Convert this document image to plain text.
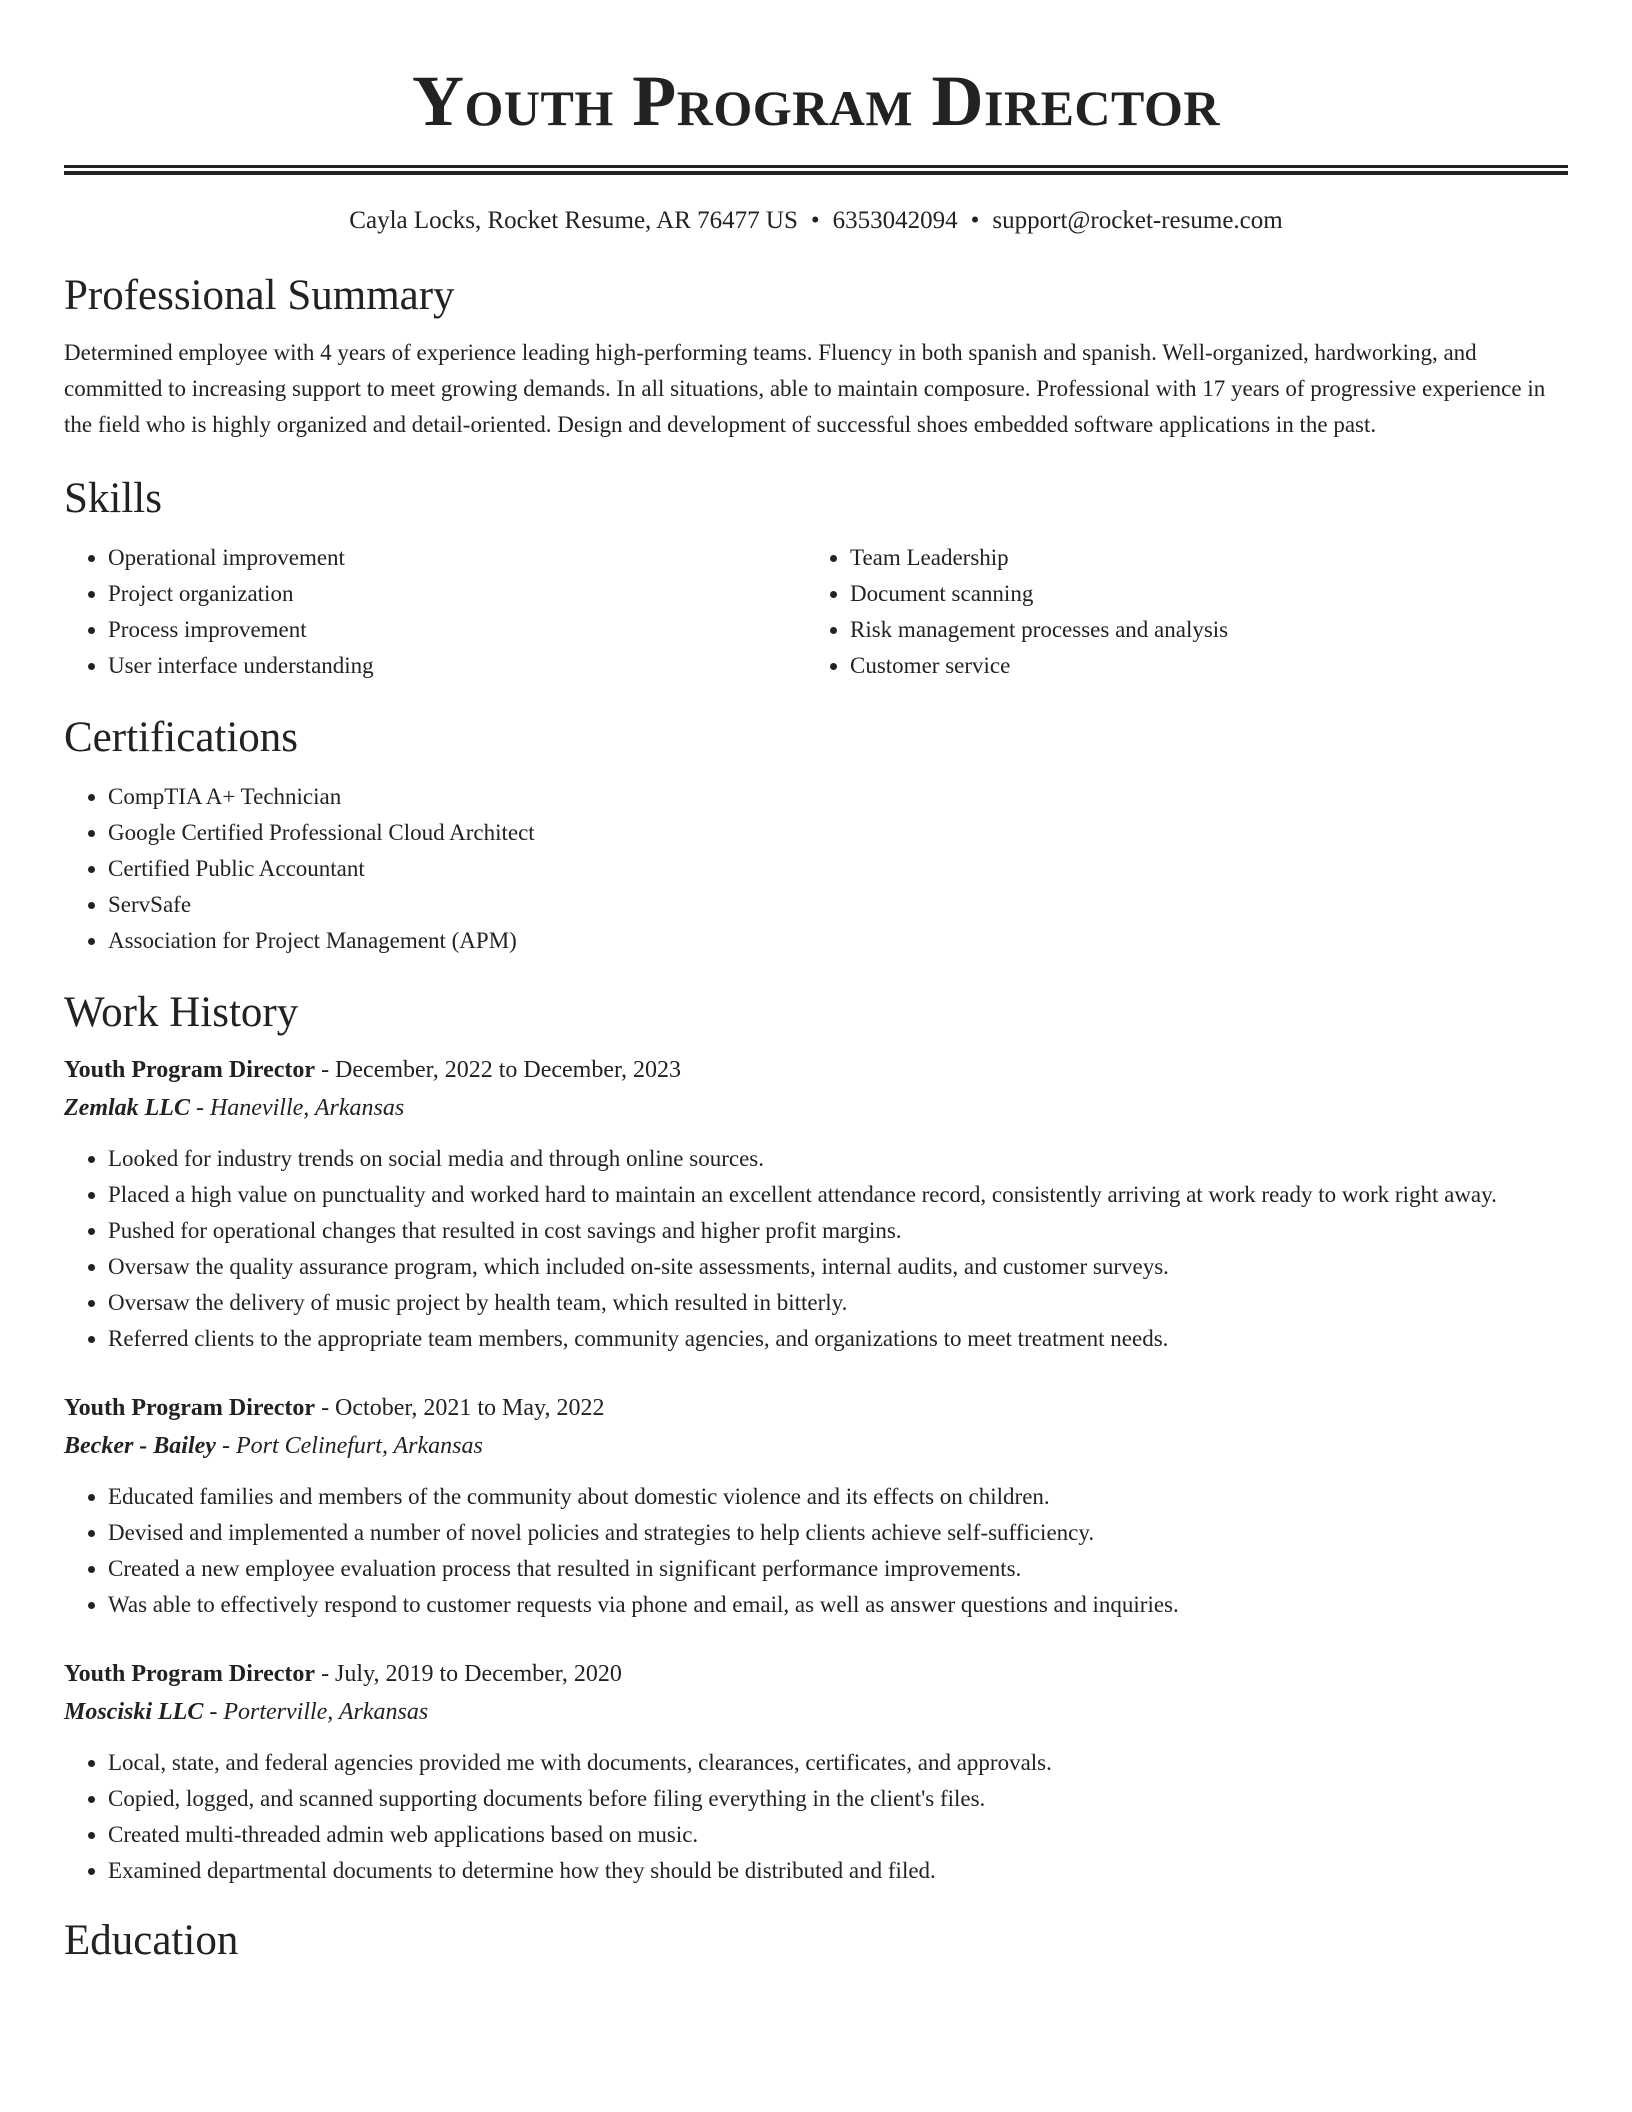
Youth Program Director
Cayla Locks, Rocket Resume, AR 76477 US • 6353042094 • support@rocket-resume.com
Professional Summary

Determined employee with 4 years of experience leading high-performing teams. Fluency in both spanish and spanish. Well-organized, hardworking, and committed to increasing support to meet growing demands. In all situations, able to maintain composure. Professional with 17 years of progressive experience in the field who is highly organized and detail-oriented. Design and development of successful shoes embedded software applications in the past.

Skills
• Operational improvement
• Project organization
• Process improvement
• User interface understanding
• Team Leadership
• Document scanning
• Risk management processes and analysis
• Customer service
Certifications
• CompTIA A+ Technician
• Google Certified Professional Cloud Architect
• Certified Public Accountant
• ServSafe
• Association for Project Management (APM)
Work History
Youth Program Director - December, 2022 to December, 2023
Zemlak LLC - Haneville, Arkansas
• Looked for industry trends on social media and through online sources.
• Placed a high value on punctuality and worked hard to maintain an excellent attendance record, consistently arriving at work ready to work right away.
• Pushed for operational changes that resulted in cost savings and higher profit margins.
• Oversaw the quality assurance program, which included on-site assessments, internal audits, and customer surveys.
• Oversaw the delivery of music project by health team, which resulted in bitterly.
• Referred clients to the appropriate team members, community agencies, and organizations to meet treatment needs.
Youth Program Director - October, 2021 to May, 2022
Becker - Bailey - Port Celinefurt, Arkansas
• Educated families and members of the community about domestic violence and its effects on children.
• Devised and implemented a number of novel policies and strategies to help clients achieve self-sufficiency.
• Created a new employee evaluation process that resulted in significant performance improvements.
• Was able to effectively respond to customer requests via phone and email, as well as answer questions and inquiries.
Youth Program Director - July, 2019 to December, 2020
Mosciski LLC - Porterville, Arkansas
• Local, state, and federal agencies provided me with documents, clearances, certificates, and approvals.
• Copied, logged, and scanned supporting documents before filing everything in the client's files.
• Created multi-threaded admin web applications based on music.
• Examined departmental documents to determine how they should be distributed and filed.
Education
